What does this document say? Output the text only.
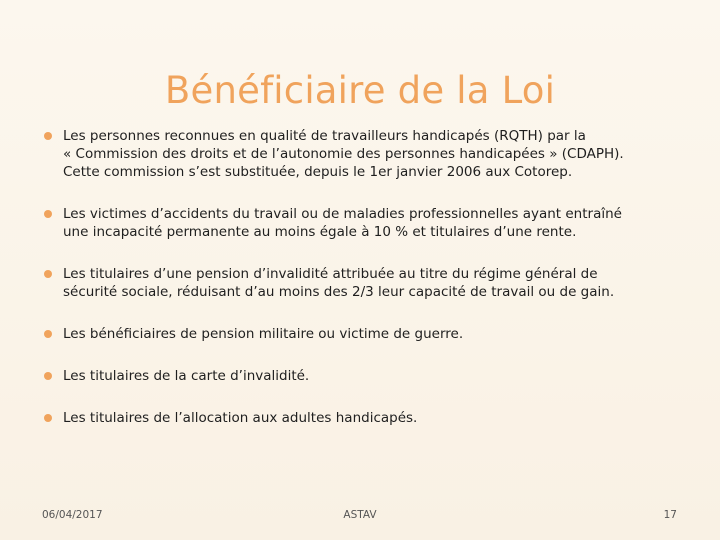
Bénéficiaire de la Loi
Les personnes reconnues en qualité de travailleurs handicapés (RQTH) par la
« Commission des droits et de l’autonomie des personnes handicapées » (CDAPH).
Cette commission s’est substituée, depuis le 1er janvier 2006 aux Cotorep.
Les victimes d’accidents du travail ou de maladies professionnelles ayant entraîné
une incapacité permanente au moins égale à 10 % et titulaires d’une rente.
Les titulaires d’une pension d’invalidité attribuée au titre du régime général de
sécurité sociale, réduisant d’au moins des 2/3 leur capacité de travail ou de gain.
Les bénéficiaires de pension militaire ou victime de guerre.
Les titulaires de la carte d’invalidité.
Les titulaires de l’allocation aux adultes handicapés.
06/04/2017	ASTAV	17
